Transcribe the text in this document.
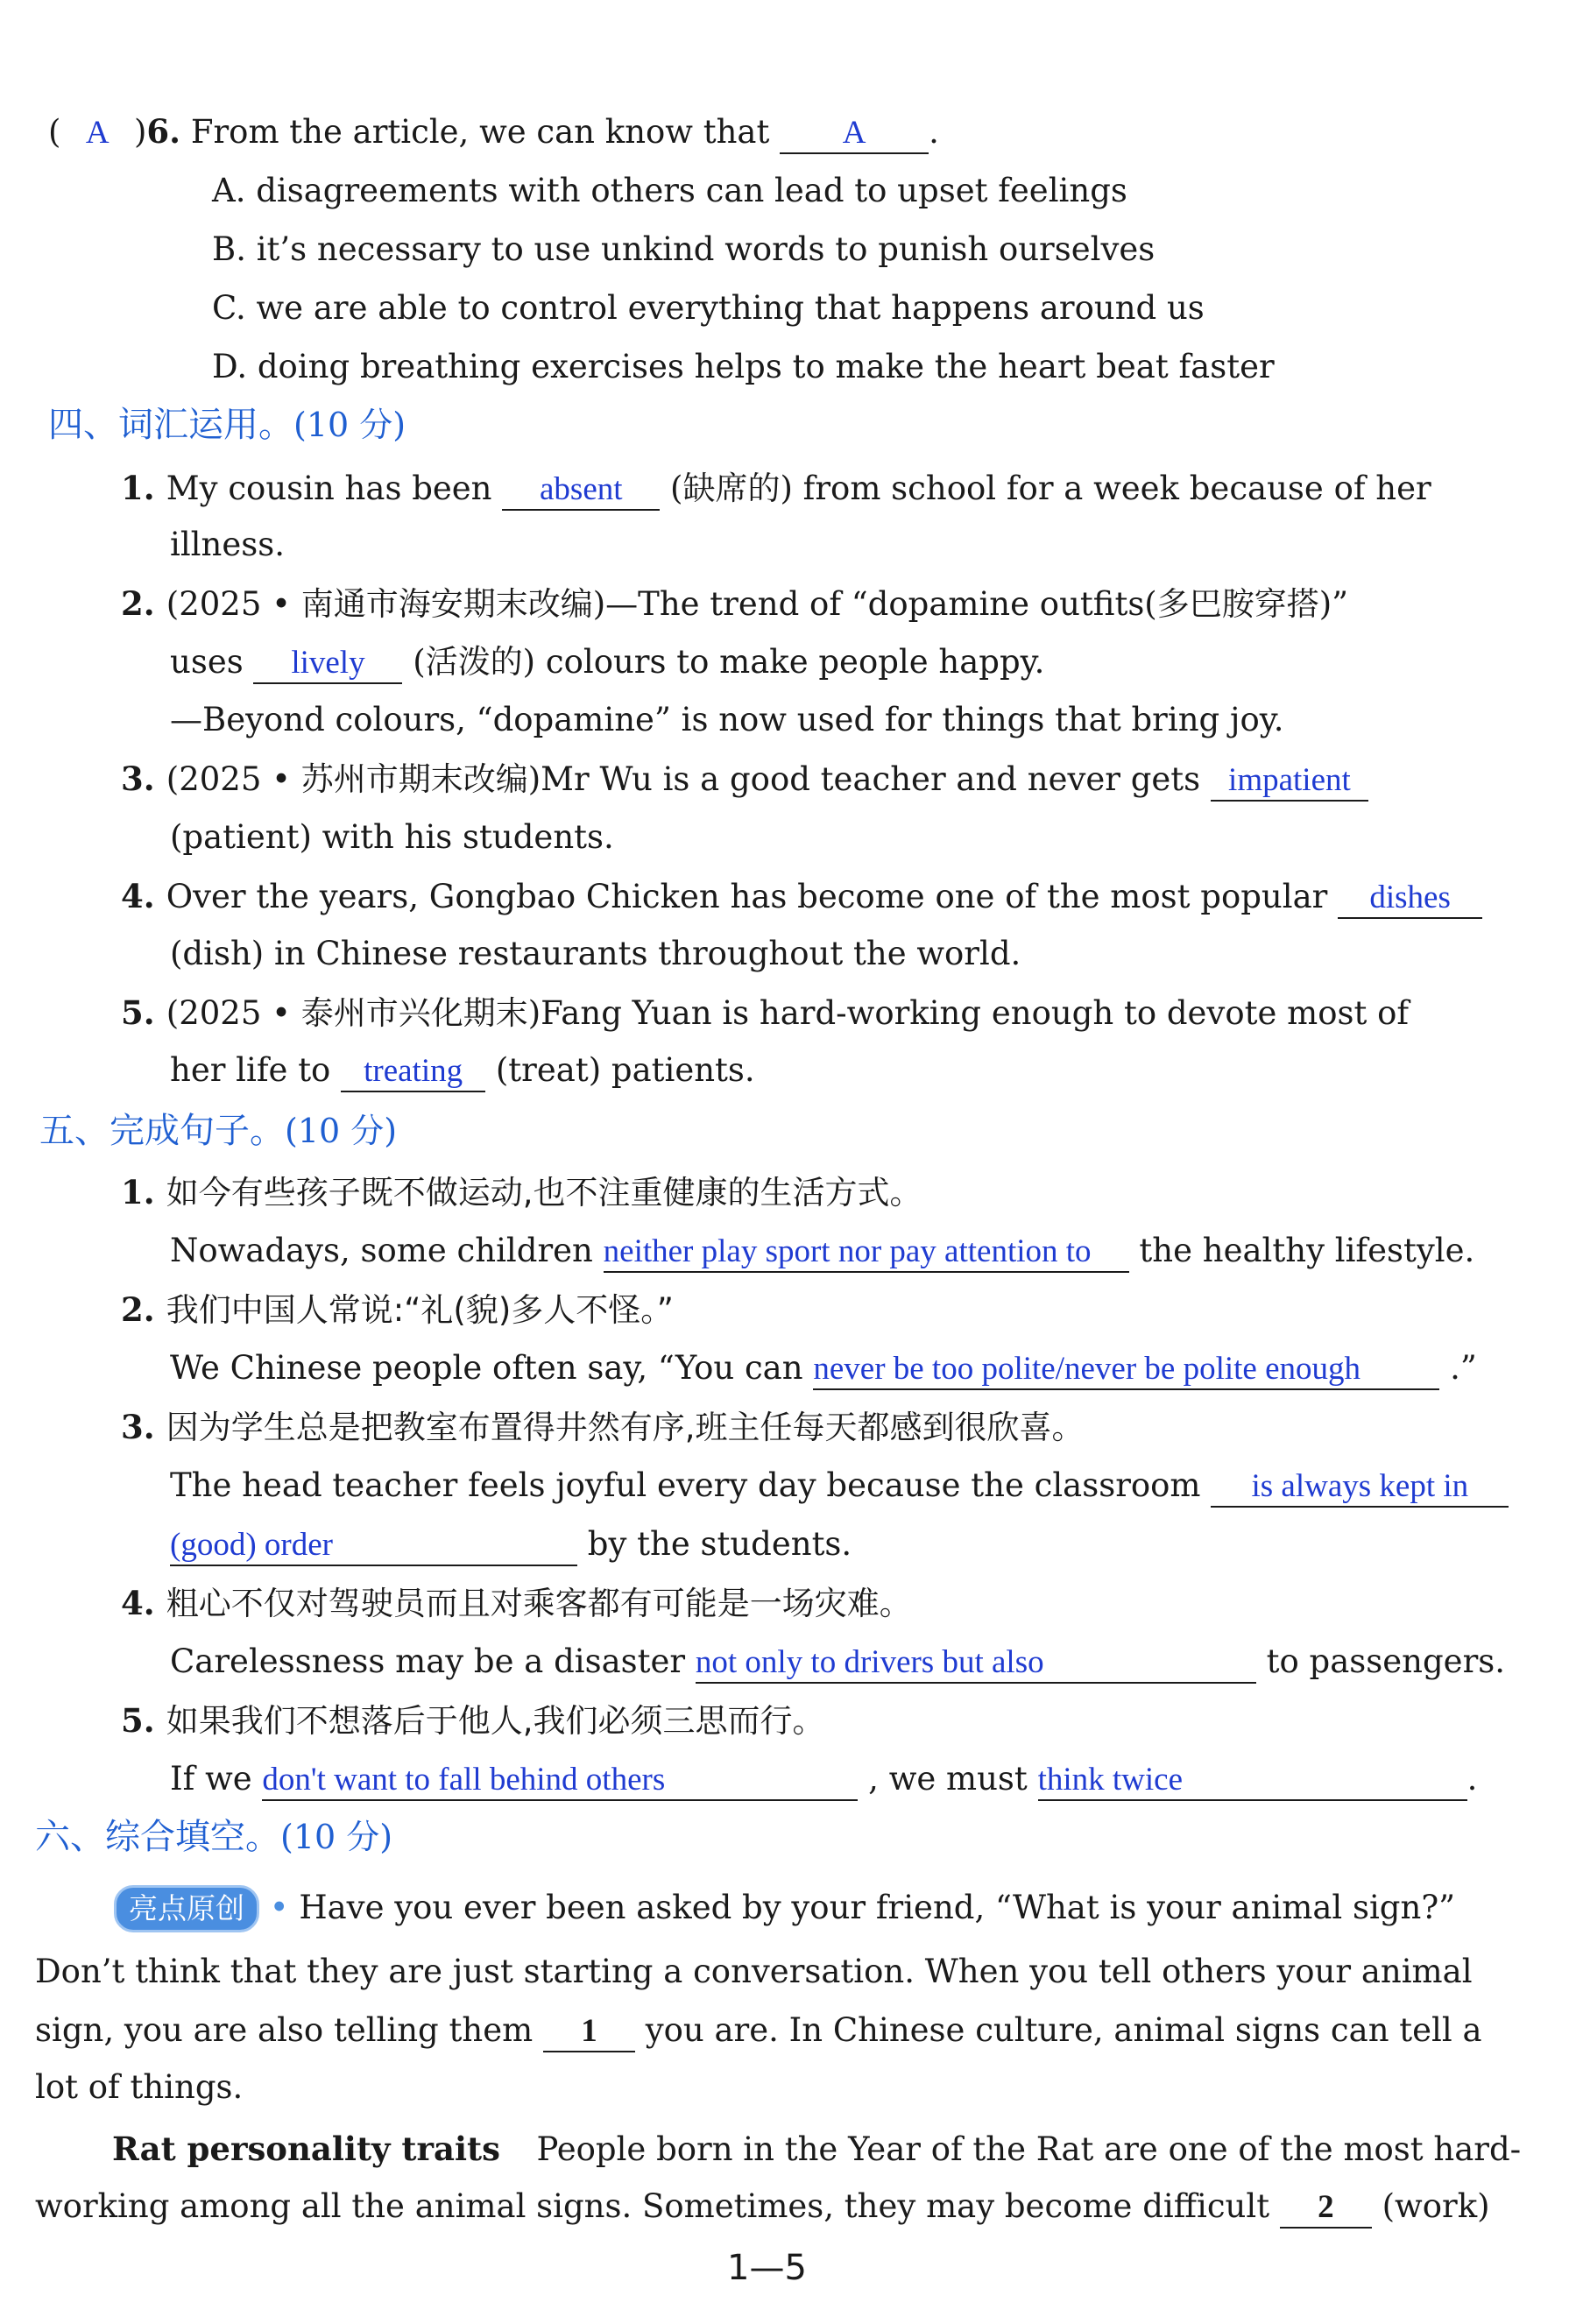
( A )6. From the article, we can know that A .
A. disagreements with others can lead to upset feelings
B. it’s necessary to use unkind words to punish ourselves
C. we are able to control everything that happens around us
D. doing breathing exercises helps to make the heart beat faster
四、词汇运用。(10 分)
1. My cousin has been absent (缺席的) from school for a week because of her
illness.
2. (2025 • 南通市海安期末改编)—The trend of “dopamine outfits(多巴胺穿搭)”
uses lively (活泼的) colours to make people happy.
—Beyond colours, “dopamine” is now used for things that bring joy.
3. (2025 • 苏州市期末改编)Mr Wu is a good teacher and never gets impatient
(patient) with his students.
4. Over the years, Gongbao Chicken has become one of the most popular dishes
(dish) in Chinese restaurants throughout the world.
5. (2025 • 泰州市兴化期末)Fang Yuan is hard-working enough to devote most of
her life to treating (treat) patients.
五、完成句子。(10 分)
1. 如今有些孩子既不做运动,也不注重健康的生活方式。
Nowadays, some children neither play sport nor pay attention to the healthy lifestyle.
2. 我们中国人常说:“礼(貌)多人不怪。”
We Chinese people often say, “You can never be too polite/never be polite enough	.”
3. 因为学生总是把教室布置得井然有序,班主任每天都感到很欣喜。
The head teacher feels joyful every day because the classroom is always kept in
(good) order	by the students.
4. 粗心不仅对驾驶员而且对乘客都有可能是一场灾难。
Carelessness may be a disaster not only to drivers but also	to passengers.
5. 如果我们不想落后于他人,我们必须三思而行。
If we don't want to fall behind others	, we must think twice	.
六、综合填空。(10 分)
亮点原创 • Have you ever been asked by your friend, “What is your animal sign?”
Don’t think that they are just starting a conversation. When you tell others your animal
sign, you are also telling them 1 you are. In Chinese culture, animal signs can tell a
lot of things.
Rat personality traits People born in the Year of the Rat are one of the most hard-
working among all the animal signs. Sometimes, they may become difficult 2 (work)
1—5
